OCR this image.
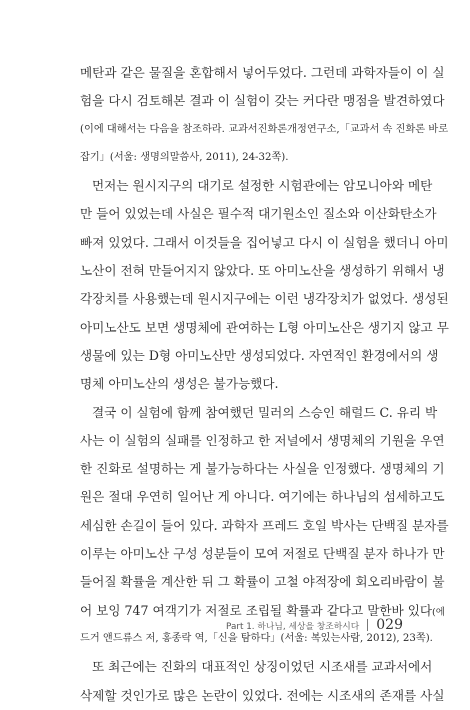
메탄과 같은 물질을 혼합해서 넣어두었다. 그런데 과학자들이 이 실
험을 다시 검토해본 결과 이 실험이 갖는 커다란 맹점을 발견하였다
(이에 대해서는 다음을 참조하라. 교과서진화론개정연구소,「교과서 속 진화론 바로
잡기」(서울: 생명의말씀사, 2011), 24-32쪽).
먼저는 원시지구의 대기로 설정한 시험관에는 암모니아와 메탄
만 들어 있었는데 사실은 필수적 대기원소인 질소와 이산화탄소가
빠져 있었다. 그래서 이것들을 집어넣고 다시 이 실험을 했더니 아미
노산이 전혀 만들어지지 않았다. 또 아미노산을 생성하기 위해서 냉
각장치를 사용했는데 원시지구에는 이런 냉각장치가 없었다. 생성된
아미노산도 보면 생명체에 관여하는 L형 아미노산은 생기지 않고 무
생물에 있는 D형 아미노산만 생성되었다. 자연적인 환경에서의 생
명체 아미노산의 생성은 불가능했다.
결국 이 실험에 함께 참여했던 밀러의 스승인 해럴드 C. 유리 박
사는 이 실험의 실패를 인정하고 한 저널에서 생명체의 기원을 우연
한 진화로 설명하는 게 불가능하다는 사실을 인정했다. 생명체의 기
원은 절대 우연히 일어난 게 아니다. 여기에는 하나님의 섬세하고도
세심한 손길이 들어 있다. 과학자 프레드 호일 박사는 단백질 분자를
이루는 아미노산 구성 성분들이 모여 저절로 단백질 분자 하나가 만
들어질 확률을 계산한 뒤 그 확률이 고철 야적장에 회오리바람이 불
어 보잉 747 여객기가 저절로 조립될 확률과 같다고 말한바 있다(에
드거 앤드류스 저, 홍종락 역,「신을 탐하다」(서울: 복있는사람, 2012), 23쪽).
또 최근에는 진화의 대표적인 상징이었던 시조새를 교과서에서
삭제할 것인가로 많은 논란이 있었다. 전에는 시조새의 존재를 사실
Part 1. 하나님, 세상을 창조하시다 029
